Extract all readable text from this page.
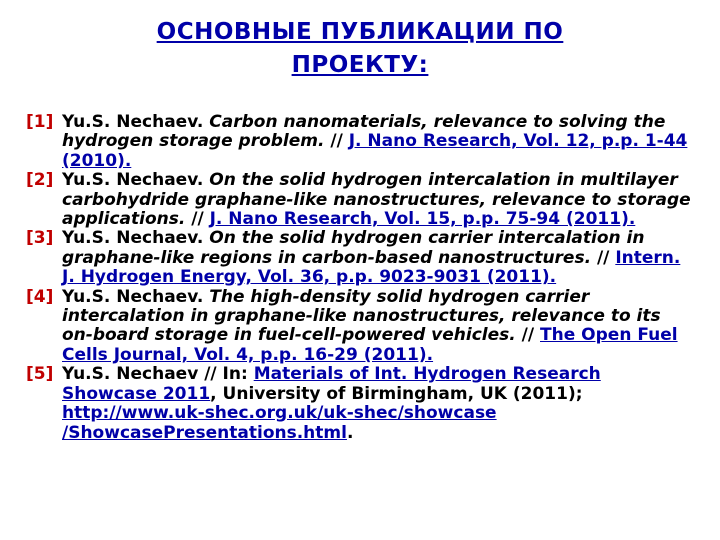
ОСНОВНЫЕ ПУБЛИКАЦИИ ПО
ПРОЕКТУ:

[1] Yu.S. Nechaev. Carbon nanomaterials, relevance to solving the hydrogen storage problem. // J. Nano Research, Vol. 12, p.p. 1-44 (2010).

[2] Yu.S. Nechaev. On the solid hydrogen intercalation in multilayer carbohydride graphane-like nanostructures, relevance to storage applications. // J. Nano Research, Vol. 15, p.p. 75-94 (2011).

[3] Yu.S. Nechaev. On the solid hydrogen carrier intercalation in graphane-like regions in carbon-based nanostructures. // Intern. J. Hydrogen Energy, Vol. 36, p.p. 9023-9031 (2011).

[4] Yu.S. Nechaev. The high-density solid hydrogen carrier intercalation in graphane-like nanostructures, relevance to its on-board storage in fuel-cell-powered vehicles. // The Open Fuel Cells Journal, Vol. 4, p.p. 16-29 (2011).

[5] Yu.S. Nechaev // In: Materials of Int. Hydrogen Research Showcase 2011, University of Birmingham, UK (2011); http://www.uk-shec.org.uk/uk-shec/showcase
/ShowcasePresentations.html.
